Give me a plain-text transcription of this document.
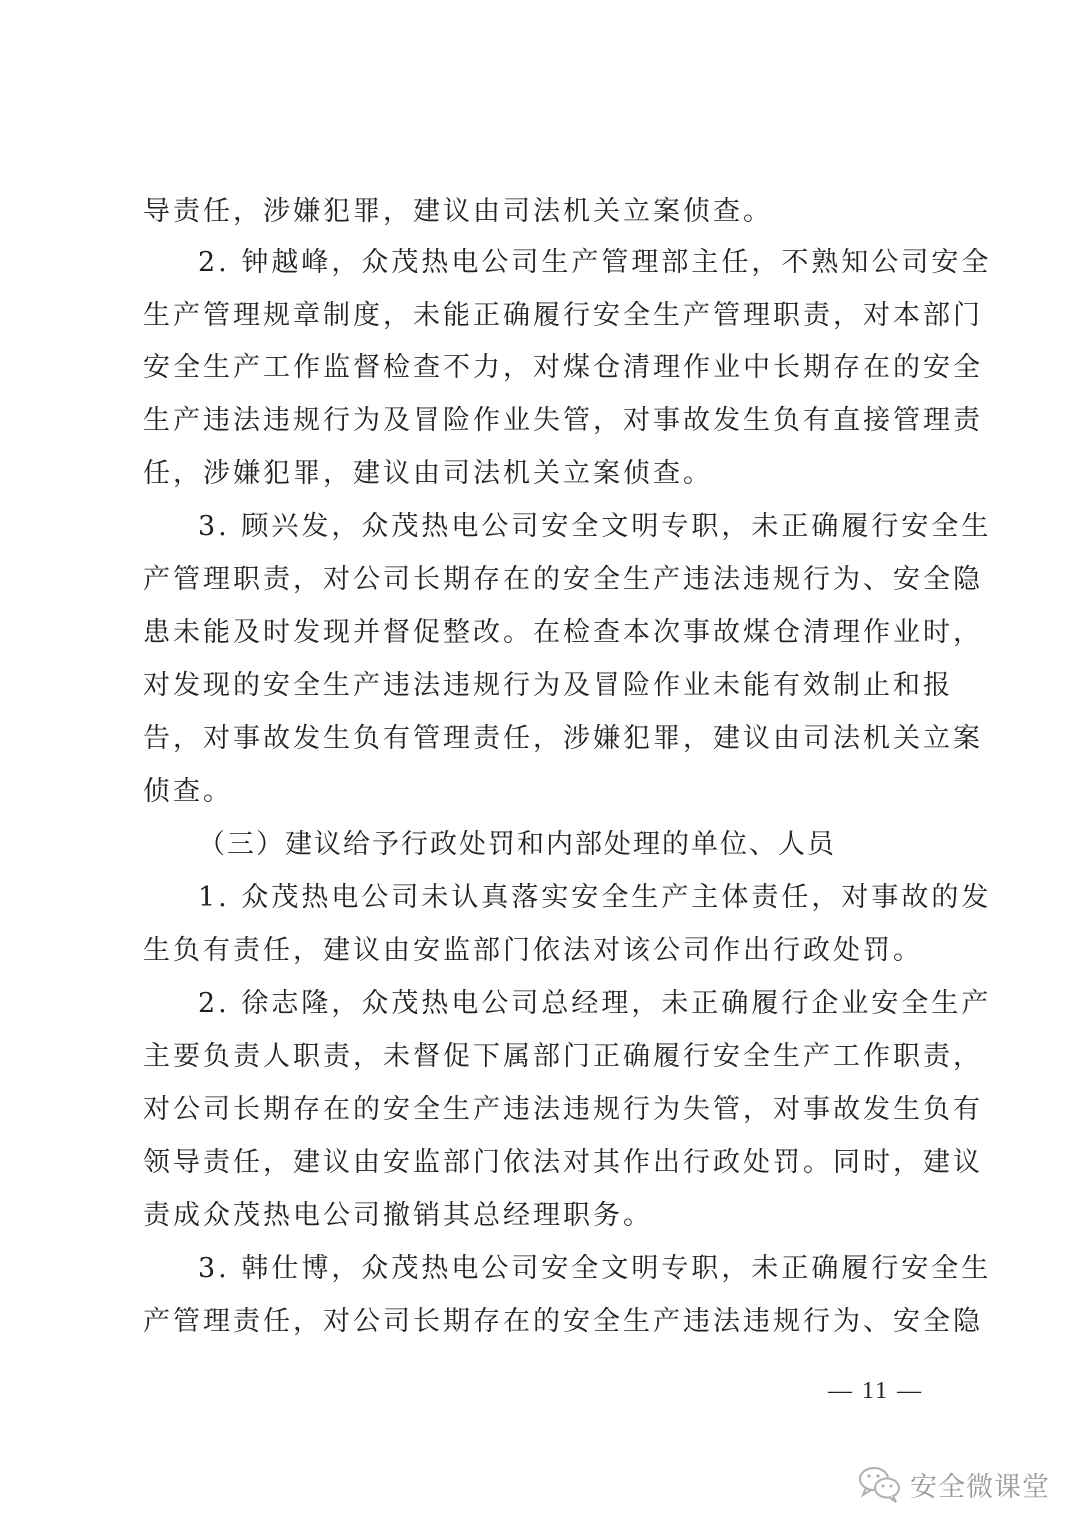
导责任，涉嫌犯罪，建议由司法机关立案侦查。
2. 钟越峰，众茂热电公司生产管理部主任，不熟知公司安全
生产管理规章制度，未能正确履行安全生产管理职责，对本部门
安全生产工作监督检查不力，对煤仓清理作业中长期存在的安全
生产违法违规行为及冒险作业失管，对事故发生负有直接管理责
任，涉嫌犯罪，建议由司法机关立案侦查。
3. 顾兴发，众茂热电公司安全文明专职，未正确履行安全生
产管理职责，对公司长期存在的安全生产违法违规行为、安全隐
患未能及时发现并督促整改。在检查本次事故煤仓清理作业时，
对发现的安全生产违法违规行为及冒险作业未能有效制止和报
告，对事故发生负有管理责任，涉嫌犯罪，建议由司法机关立案
侦查。
（三）建议给予行政处罚和内部处理的单位、人员
1. 众茂热电公司未认真落实安全生产主体责任，对事故的发
生负有责任，建议由安监部门依法对该公司作出行政处罚。
2. 徐志隆，众茂热电公司总经理，未正确履行企业安全生产
主要负责人职责，未督促下属部门正确履行安全生产工作职责，
对公司长期存在的安全生产违法违规行为失管，对事故发生负有
领导责任，建议由安监部门依法对其作出行政处罚。同时，建议
责成众茂热电公司撤销其总经理职务。
3. 韩仕博，众茂热电公司安全文明专职，未正确履行安全生
产管理责任，对公司长期存在的安全生产违法违规行为、安全隐
— 11 —
安全微课堂
